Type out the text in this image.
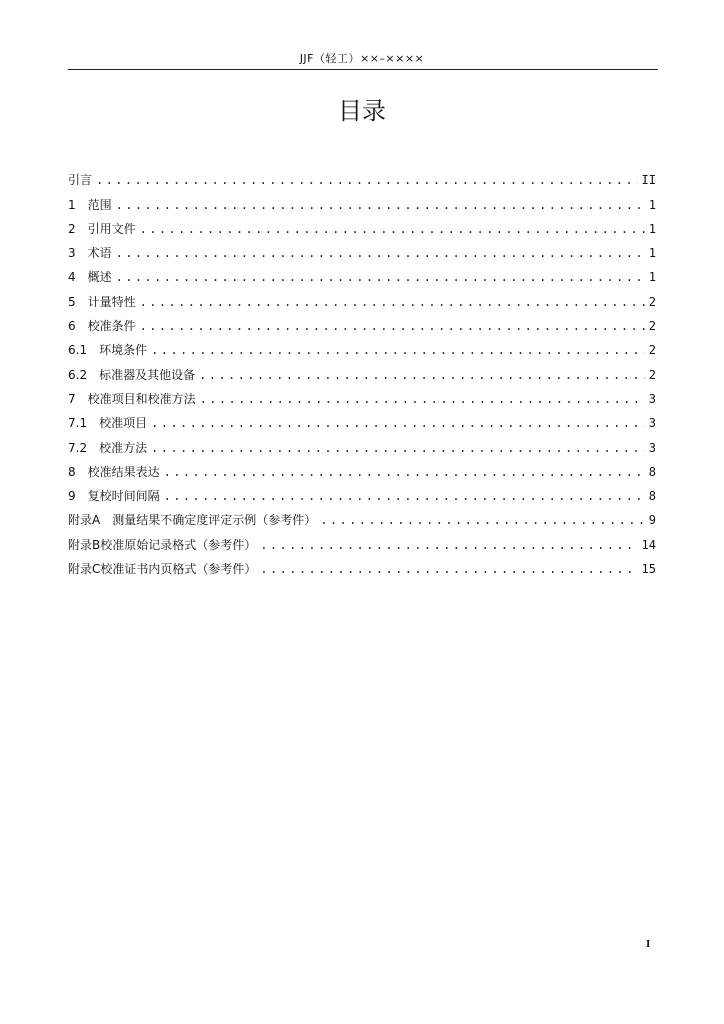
JJF（轻工）××–××××
目录
引言 .....	II
1　范围 .....	1
2　引用文件 .....	1
3　术语 .....	1
4　概述 .....	1
5　计量特性 .....	2
6　校准条件 .....	2
6.1　环境条件 .....	2
6.2　标准器及其他设备 .....	2
7　校准项目和校准方法 .....	3
7.1　校准项目 .....	3
7.2　校准方法 .....	3
8　校准结果表达 .....	8
9　复校时间间隔 .....	8
附录A　测量结果不确定度评定示例（参考件） .....	9
附录B校准原始记录格式（参考件） .....	14
附录C校准证书内页格式（参考件） .....	15
I
